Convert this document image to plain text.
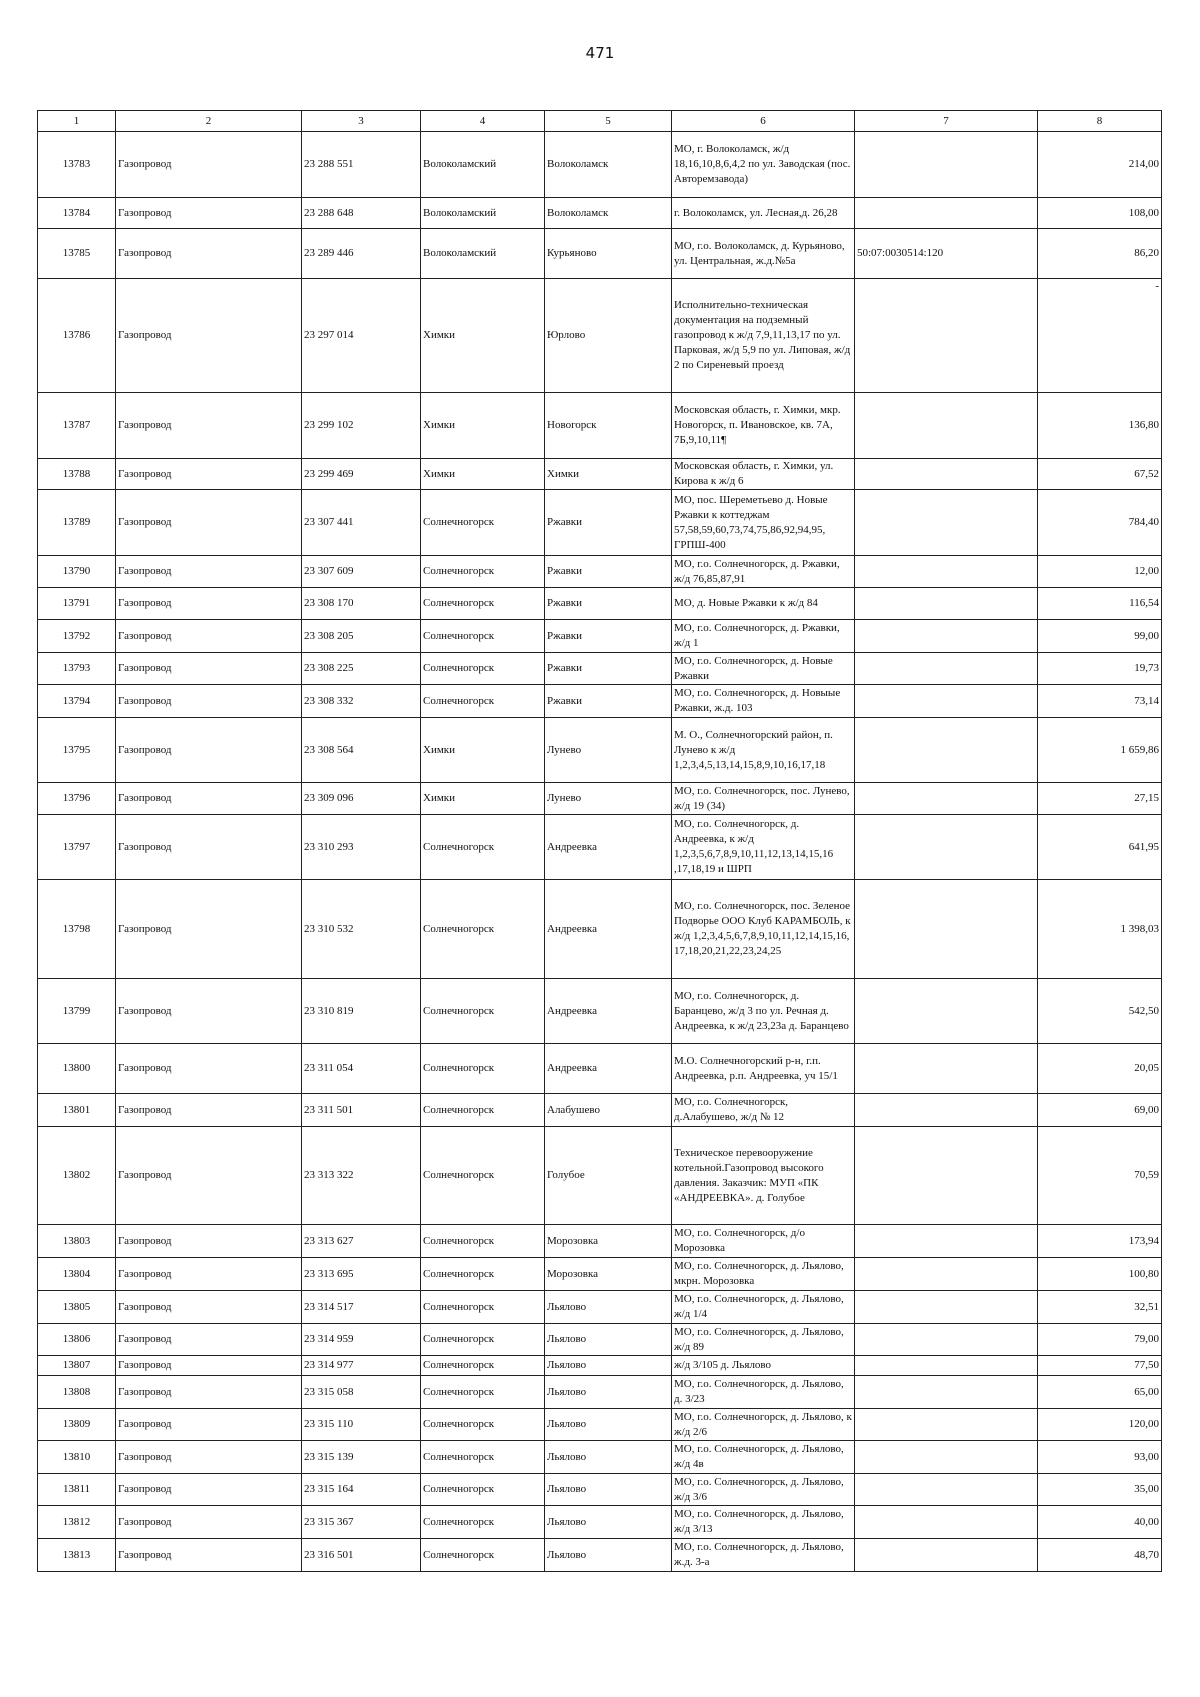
471
1	2	3	4	5	6	7	8
13783	Газопровод	23 288 551	Волоколамский	Волоколамск	МО, г. Волоколамск, ж/д 18,16,10,8,6,4,2 по ул. Заводская (пос. Авторемзавода)		214,00
13784	Газопровод	23 288 648	Волоколамский	Волоколамск	г. Волоколамск, ул. Лесная,д. 26,28		108,00
13785	Газопровод	23 289 446	Волоколамский	Курьяново	МО, г.о. Волоколамск, д. Курьяново, ул. Центральная, ж.д.№5а	50:07:0030514:120	86,20
13786	Газопровод	23 297 014	Химки	Юрлово	Исполнительно-техническая документация на подземный газопровод к ж/д 7,9,11,13,17 по ул. Парковая, ж/д 5,9 по ул. Липовая, ж/д 2 по Сиреневый проезд		-
13787	Газопровод	23 299 102	Химки	Новогорск	Московская область, г. Химки, мкр. Новогорск, п. Ивановское, кв. 7А, 7Б,9,10,11¶		136,80
13788	Газопровод	23 299 469	Химки	Химки	Московская область, г. Химки, ул. Кирова к ж/д 6		67,52
13789	Газопровод	23 307 441	Солнечногорск	Ржавки	МО, пос. Шереметьево д. Новые Ржавки к коттеджам 57,58,59,60,73,74,75,86,92,94,95, ГРПШ-400		784,40
13790	Газопровод	23 307 609	Солнечногорск	Ржавки	МО, г.о. Солнечногорск, д. Ржавки, ж/д 76,85,87,91		12,00
13791	Газопровод	23 308 170	Солнечногорск	Ржавки	МО, д. Новые Ржавки к ж/д 84		116,54
13792	Газопровод	23 308 205	Солнечногорск	Ржавки	МО, г.о. Солнечногорск, д. Ржавки, ж/д 1		99,00
13793	Газопровод	23 308 225	Солнечногорск	Ржавки	МО, г.о. Солнечногорск, д. Новые Ржавки		19,73
13794	Газопровод	23 308 332	Солнечногорск	Ржавки	МО, г.о. Солнечногорск, д. Новыые Ржавки, ж.д. 103		73,14
13795	Газопровод	23 308 564	Химки	Лунево	М. О., Солнечногорский район, п. Лунево к ж/д 1,2,3,4,5,13,14,15,8,9,10,16,17,18		1 659,86
13796	Газопровод	23 309 096	Химки	Лунево	МО, г.о. Солнечногорск, пос. Лунево, ж/д 19 (34)		27,15
13797	Газопровод	23 310 293	Солнечногорск	Андреевка	МО, г.о. Солнечногорск, д. Андреевка, к ж/д 1,2,3,5,6,7,8,9,10,11,12,13,14,15,16 ,17,18,19 и ШРП		641,95
13798	Газопровод	23 310 532	Солнечногорск	Андреевка	МО, г.о. Солнечногорск, пос. Зеленое Подворье ООО Клуб КАРАМБОЛЬ, к ж/д 1,2,3,4,5,6,7,8,9,10,11,12,14,15,16, 17,18,20,21,22,23,24,25		1 398,03
13799	Газопровод	23 310 819	Солнечногорск	Андреевка	МО, г.о. Солнечногорск, д. Баранцево, ж/д 3 по ул. Речная д. Андреевка, к ж/д 23,23а д. Баранцево		542,50
13800	Газопровод	23 311 054	Солнечногорск	Андреевка	М.О. Солнечногорский р-н, г.п. Андреевка, р.п. Андреевка, уч 15/1		20,05
13801	Газопровод	23 311 501	Солнечногорск	Алабушево	МО, г.о. Солнечногорск, д.Алабушево, ж/д № 12		69,00
13802	Газопровод	23 313 322	Солнечногорск	Голубое	Техническое перевооружение котельной.Газопровод высокого давления. Заказчик: МУП «ПК «АНДРЕЕВКА». д. Голубое		70,59
13803	Газопровод	23 313 627	Солнечногорск	Морозовка	МО, г.о. Солнечногорск, д/о Морозовка		173,94
13804	Газопровод	23 313 695	Солнечногорск	Морозовка	МО, г.о. Солнечногорск, д. Льялово, мкрн. Морозовка		100,80
13805	Газопровод	23 314 517	Солнечногорск	Льялово	МО, г.о. Солнечногорск, д. Льялово, ж/д 1/4		32,51
13806	Газопровод	23 314 959	Солнечногорск	Льялово	МО, г.о. Солнечногорск, д. Льялово, ж/д 89		79,00
13807	Газопровод	23 314 977	Солнечногорск	Льялово	ж/д 3/105 д. Льялово		77,50
13808	Газопровод	23 315 058	Солнечногорск	Льялово	МО, г.о. Солнечногорск, д. Льялово, д. 3/23		65,00
13809	Газопровод	23 315 110	Солнечногорск	Льялово	МО, г.о. Солнечногорск, д. Льялово, к ж/д 2/6		120,00
13810	Газопровод	23 315 139	Солнечногорск	Льялово	МО, г.о. Солнечногорск, д. Льялово, ж/д 4в		93,00
13811	Газопровод	23 315 164	Солнечногорск	Льялово	МО, г.о. Солнечногорск, д. Льялово, ж/д 3/6		35,00
13812	Газопровод	23 315 367	Солнечногорск	Льялово	МО, г.о. Солнечногорск, д. Льялово, ж/д 3/13		40,00
13813	Газопровод	23 316 501	Солнечногорск	Льялово	МО, г.о. Солнечногорск, д. Льялово, ж.д. 3-а		48,70
